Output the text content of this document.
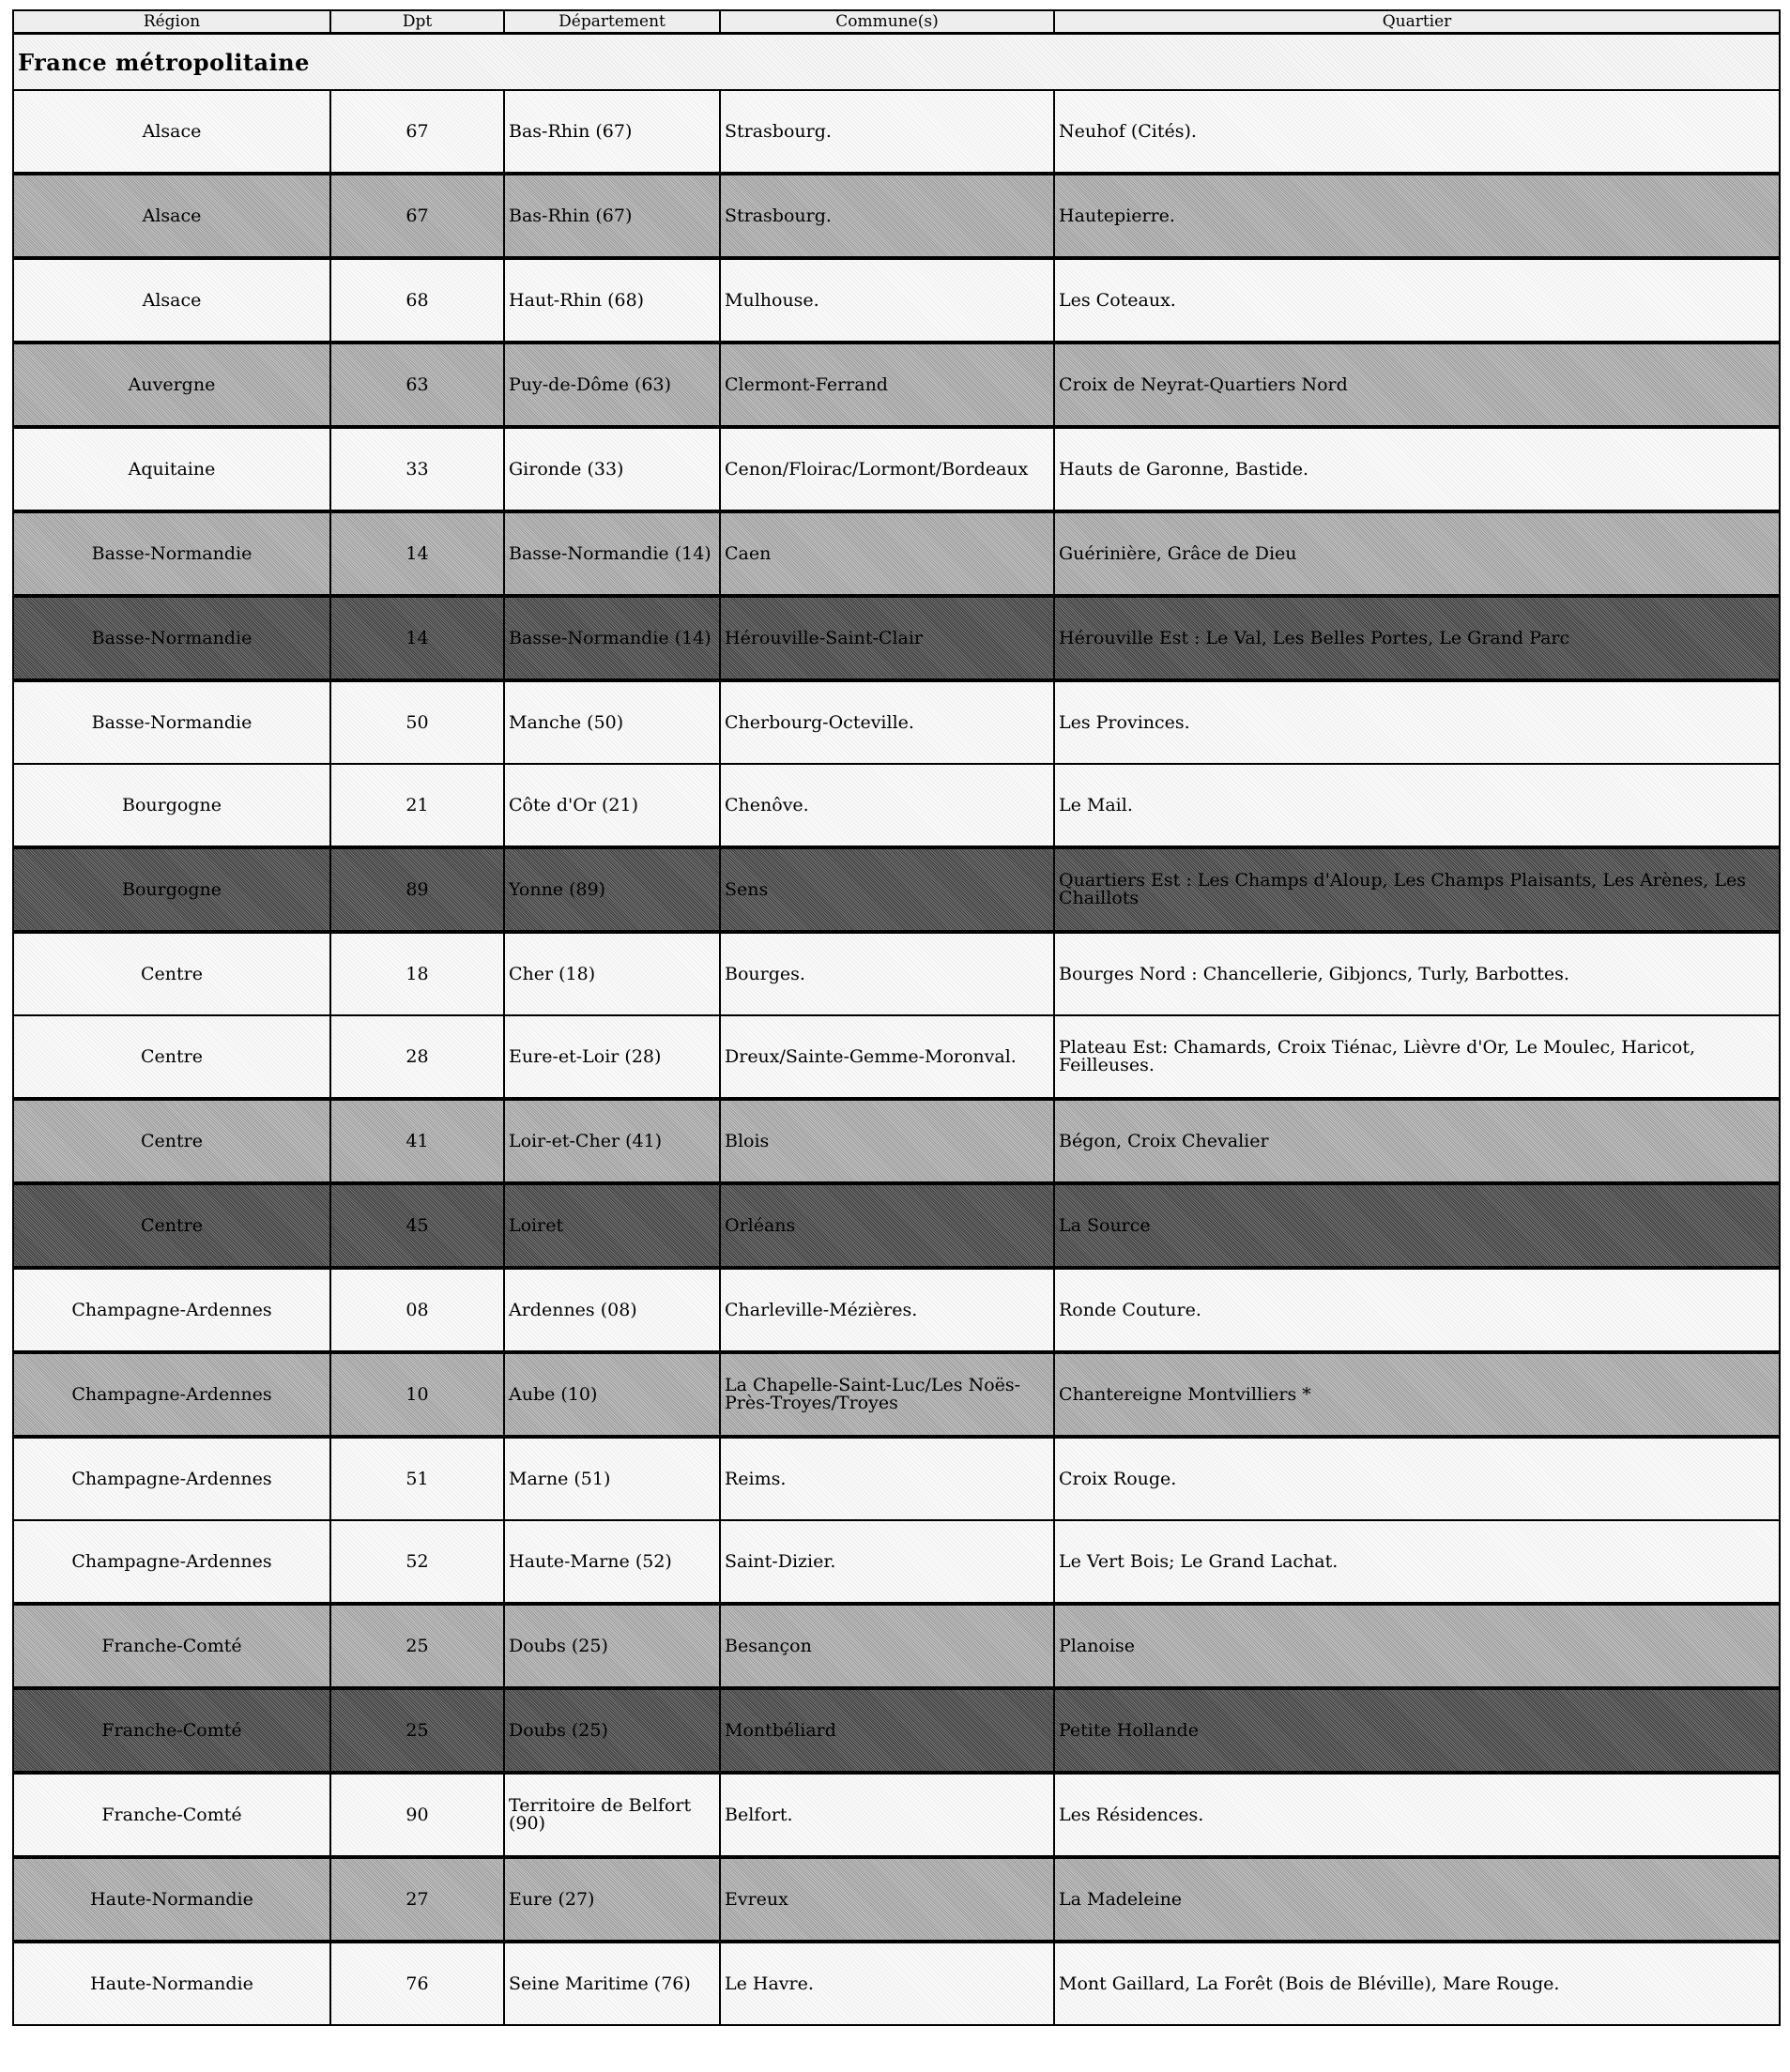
Région	Dpt	Département	Commune(s)	Quartier
France métropolitaine				
Alsace	67	Bas-Rhin (67)	Strasbourg.	Neuhof (Cités).
Alsace	67	Bas-Rhin (67)	Strasbourg.	Hautepierre.
Alsace	68	Haut-Rhin (68)	Mulhouse.	Les Coteaux.
Auvergne	63	Puy-de-Dôme (63)	Clermont-Ferrand	Croix de Neyrat-Quartiers Nord
Aquitaine	33	Gironde (33)	Cenon/Floirac/Lormont/Bordeaux	Hauts de Garonne, Bastide.
Basse-Normandie	14	Basse-Normandie (14)	Caen	Guérinière, Grâce de Dieu
Basse-Normandie	14	Basse-Normandie (14)	Hérouville-Saint-Clair	Hérouville Est : Le Val, Les Belles Portes, Le Grand Parc
Basse-Normandie	50	Manche (50)	Cherbourg-Octeville.	Les Provinces.
Bourgogne	21	Côte d'Or (21)	Chenôve.	Le Mail.
Bourgogne	89	Yonne (89)	Sens	Quartiers Est : Les Champs d'Aloup, Les Champs Plaisants, Les Arènes, Les Chaillots
Centre	18	Cher (18)	Bourges.	Bourges Nord : Chancellerie, Gibjoncs, Turly, Barbottes.
Centre	28	Eure-et-Loir (28)	Dreux/Sainte-Gemme-Moronval.	Plateau Est: Chamards, Croix Tiénac, Lièvre d'Or, Le Moulec, Haricot, Feilleuses.
Centre	41	Loir-et-Cher (41)	Blois	Bégon, Croix Chevalier
Centre	45	Loiret	Orléans	La Source
Champagne-Ardennes	08	Ardennes (08)	Charleville-Mézières.	Ronde Couture.
Champagne-Ardennes	10	Aube (10)	La Chapelle-Saint-Luc/Les Noës-Près-Troyes/Troyes	Chantereigne Montvilliers *
Champagne-Ardennes	51	Marne (51)	Reims.	Croix Rouge.
Champagne-Ardennes	52	Haute-Marne (52)	Saint-Dizier.	Le Vert Bois; Le Grand Lachat.
Franche-Comté	25	Doubs (25)	Besançon	Planoise
Franche-Comté	25	Doubs (25)	Montbéliard	Petite Hollande
Franche-Comté	90	Territoire de Belfort (90)	Belfort.	Les Résidences.
Haute-Normandie	27	Eure (27)	Evreux	La Madeleine
Haute-Normandie	76	Seine Maritime (76)	Le Havre.	Mont Gaillard, La Forêt (Bois de Bléville), Mare Rouge.
